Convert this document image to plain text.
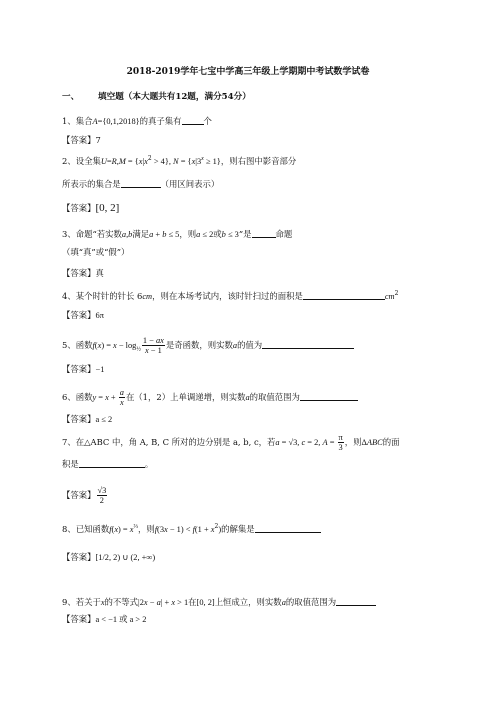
2018-2019学年七宝中学高三年级上学期期中考试数学试卷
一、 填空题（本大题共有12题，满分54分）
1、集合A={0,1,2018}的真子集有	个
【答案】7
2、设全集$U=R,M = \{x|x^2 > 4\}$, $N = \{x|3^x \ge 1\}$，则右图中影音部分
所表示的集合是	（用区间表示）
【答案】[0, 2]
3、命题“若实数a,b满足a + b ≤ 5，则a ≤ 2或b ≤ 3”是	命题
（填“真”或“假”）
【答案】真
4、某个时针的针长 6cm，则在本场考试内，该时针扫过的面积是	$cm^2$
【答案】6π
5、函数$f(x) = x - \log_{\frac{1}{2}} \frac{1 - ax}{x - 1}$ 是奇函数，则实数a的值为
【答案】−1
6、函数$y = x + \frac{a}{x}$ 在（1，2）上单调递增，则实数a的取值范围为
【答案】a ≤ 2
7、在△ABC 中，角 A, B, C 所对的边分别是 a, b, c，若a = √3, c = 2, $A = \frac{\pi}{3}$ ，则ΔABC的面
积是	。
【答案】 $\frac{√3}{2}$
8、已知函数$f(x) = x^{\frac{2}{3}}$，则$f(3x - 1) < f(1 + x^2)$的解集是
【答案】[1/2, 2) ∪ (2, +∞)
9、若关于x的不等式|2x − a| + x > 1在[0, 2]上恒成立，则实数a的取值范围为
【答案】a < −1 或 a > 2
